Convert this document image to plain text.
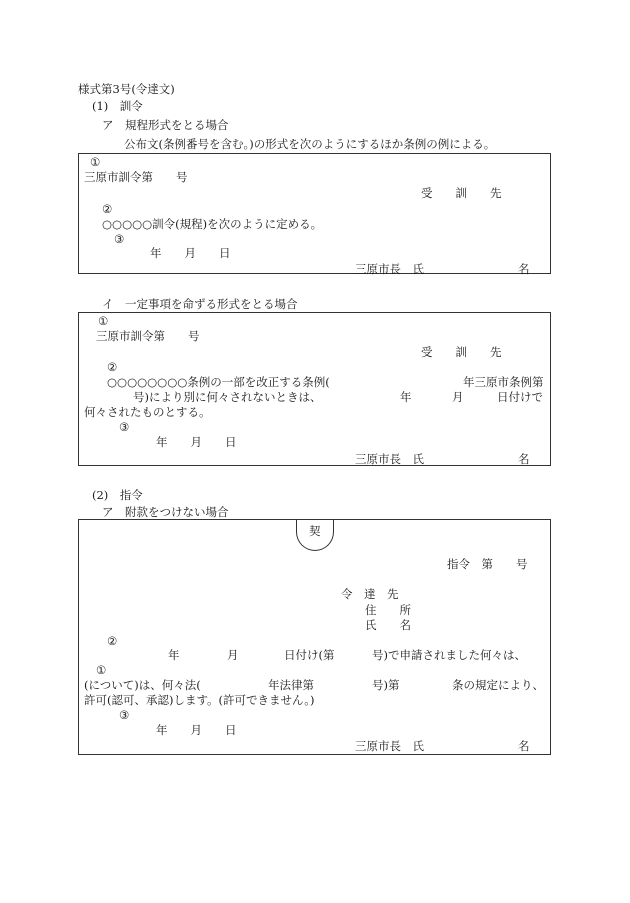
様式第3号(令達文)
(1)　訓令
ア　規程形式をとる場合
公布文(条例番号を含む。)の形式を次のようにするほか条例の例による。
①
三原市訓令第　　号
受　　訓　　先
②
○○○○○訓令(規程)を次のように定める。
③
年　　月　　日
三原市長　氏	名
イ　一定事項を命ずる形式をとる場合
①
三原市訓令第　　号
受　　訓　　先
②
○○○○○○○○条例の一部を改正する条例(	年三原市条例第
号)により別に何々されないときは、	年	月	日付けで
何々されたものとする。
③
年　　月　　日
三原市長　氏	名
(2)　指令
ア　附款をつけない場合
契
指令　第　　号
令　達　先
住　　所
氏　　名
②
年	月	日付け(第	号)で申請されました何々は、
①
(について)は、何々法(	年法律第	号)第	条の規定により、
許可(認可、承認)します。(許可できません。)
③
年　　月　　日
三原市長　氏	名
